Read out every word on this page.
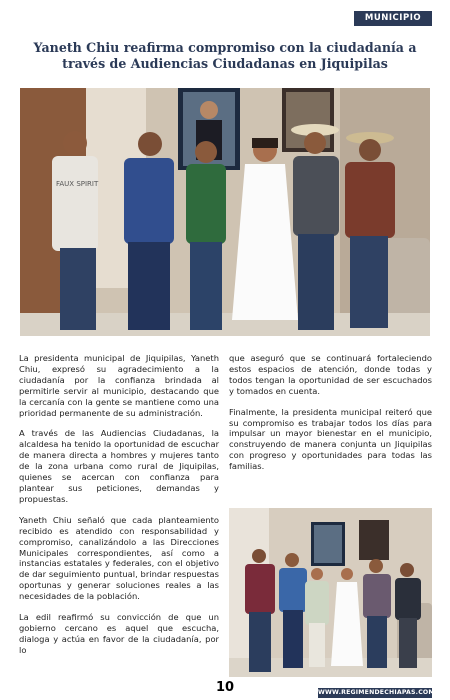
MUNICIPIO
Yaneth Chiu reafirma compromiso con la ciudadanía a través de Audiencias Ciudadanas en Jiquipilas
FAUX SPIRIT

La presidenta municipal de Jiquipilas, Yaneth Chiu, expresó su agradecimiento a la ciudadanía por la confianza brindada al permitirle servir al municipio, destacando que la cercanía con la gente se mantiene como una prioridad permanente de su administración.

A través de las Audiencias Ciudadanas, la alcaldesa ha tenido la oportunidad de escuchar de manera directa a hombres y mujeres tanto de la zona urbana como rural de Jiquipilas, quienes se acercan con confianza para plantear sus peticiones, demandas y propuestas.

Yaneth Chiu señaló que cada planteamiento recibido es atendido con responsabilidad y compromiso, canalizándolo a las Direcciones Municipales correspondientes, así como a instancias estatales y federales, con el objetivo de dar seguimiento puntual, brindar respuestas oportunas y generar soluciones reales a las necesidades de la población.

La edil reafirmó su convicción de que un gobierno cercano es aquel que escucha, dialoga y actúa en favor de la ciudadanía, por lo

que aseguró que se continuará fortaleciendo estos espacios de atención, donde todas y todos tengan la oportunidad de ser escuchados y tomados en cuenta.

Finalmente, la presidenta municipal reiteró que su compromiso es trabajar todos los días para impulsar un mayor bienestar en el municipio, construyendo de manera conjunta un Jiquipilas con progreso y oportunidades para todas las familias.

10	WWW.REGIMENDECHIAPAS.COM.MX
